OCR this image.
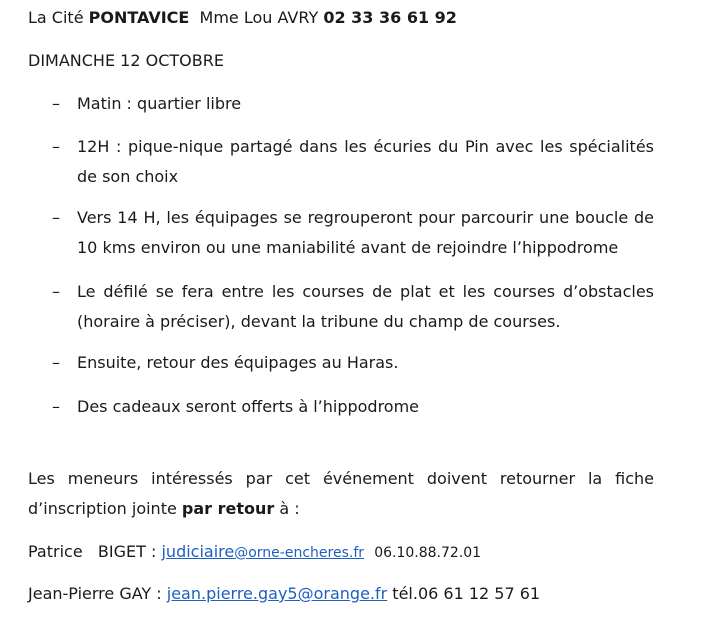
La Cité PONTAVICE Mme Lou AVRY 02 33 36 61 92
DIMANCHE 12 OCTOBRE
–	Matin : quartier libre
–	12H : pique-nique partagé dans les écuries du Pin avec les spécialités de son choix
–	Vers 14 H, les équipages se regrouperont pour parcourir une boucle de 10 kms environ ou une maniabilité avant de rejoindre l’hippodrome
–	Le défilé se fera entre les courses de plat et les courses d’obstacles (horaire à préciser), devant la tribune du champ de courses.
–	Ensuite, retour des équipages au Haras.
–	Des cadeaux seront offerts à l’hippodrome
Les meneurs intéressés par cet événement doivent retourner la fiche d’inscription jointe par retour à :
Patrice   BIGET : judiciaire@orne-encheres.fr 06.10.88.72.01
Jean-Pierre GAY : jean.pierre.gay5@orange.fr tél.06 61 12 57 61
